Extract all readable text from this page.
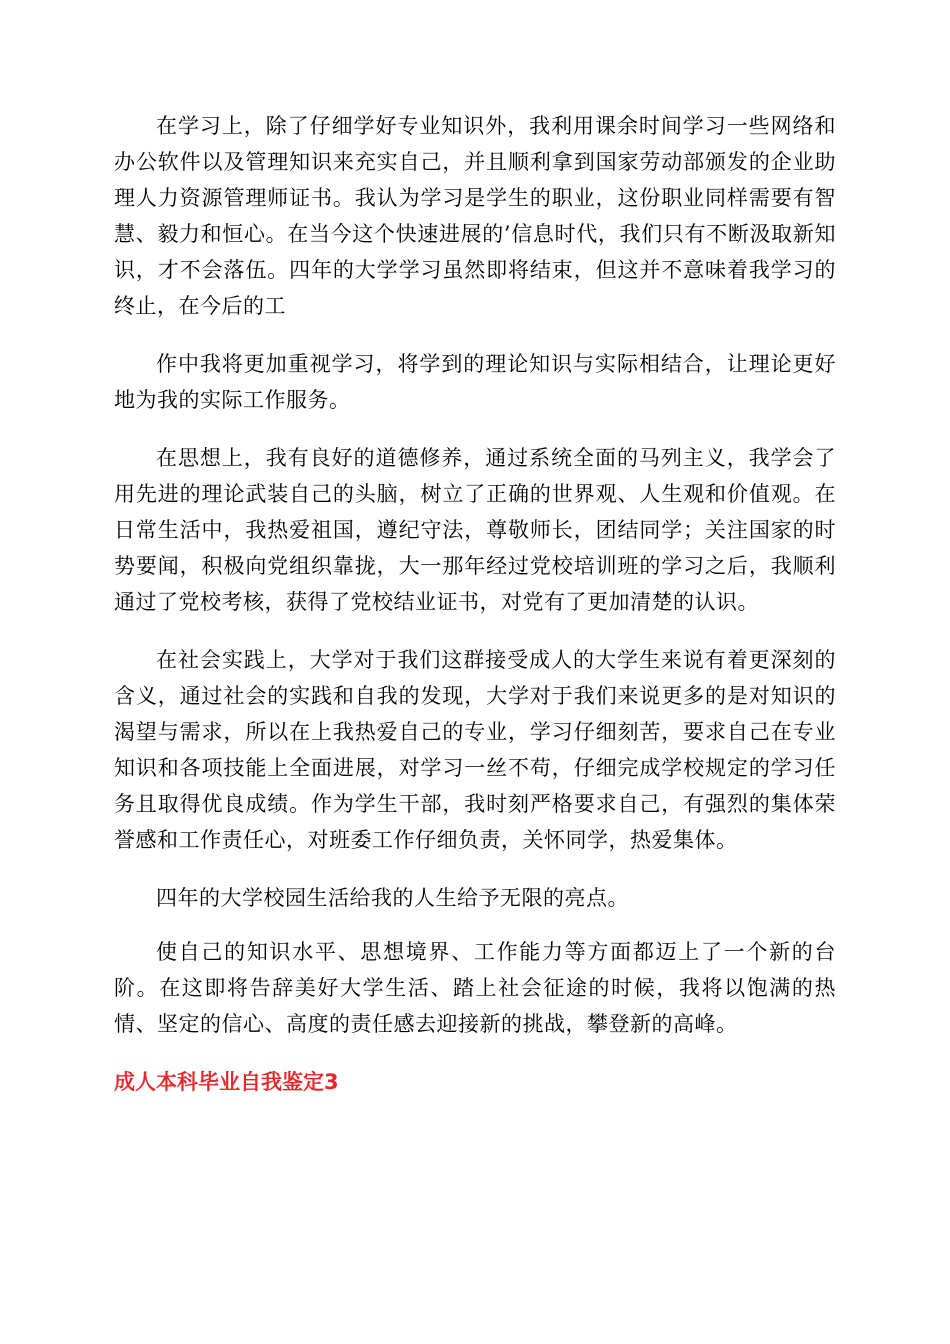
在学习上，除了仔细学好专业知识外，我利用课余时间学习一些网络和办公软件以及管理知识来充实自己，并且顺利拿到国家劳动部颁发的企业助理人力资源管理师证书。我认为学习是学生的职业，这份职业同样需要有智慧、毅力和恒心。在当今这个快速进展的’信息时代，我们只有不断汲取新知识，才不会落伍。四年的大学学习虽然即将结束，但这并不意味着我学习的终止，在今后的工

作中我将更加重视学习，将学到的理论知识与实际相结合，让理论更好地为我的实际工作服务。

在思想上，我有良好的道德修养，通过系统全面的马列主义，我学会了用先进的理论武装自己的头脑，树立了正确的世界观、人生观和价值观。在日常生活中，我热爱祖国，遵纪守法，尊敬师长，团结同学；关注国家的时势要闻，积极向党组织靠拢，大一那年经过党校培训班的学习之后，我顺利通过了党校考核，获得了党校结业证书，对党有了更加清楚的认识。

在社会实践上，大学对于我们这群接受成人的大学生来说有着更深刻的含义，通过社会的实践和自我的发现，大学对于我们来说更多的是对知识的渴望与需求，所以在上我热爱自己的专业，学习仔细刻苦，要求自己在专业知识和各项技能上全面进展，对学习一丝不苟，仔细完成学校规定的学习任务且取得优良成绩。作为学生干部，我时刻严格要求自己，有强烈的集体荣誉感和工作责任心，对班委工作仔细负责，关怀同学，热爱集体。

四年的大学校园生活给我的人生给予无限的亮点。

使自己的知识水平、思想境界、工作能力等方面都迈上了一个新的台阶。在这即将告辞美好大学生活、踏上社会征途的时候，我将以饱满的热情、坚定的信心、高度的责任感去迎接新的挑战，攀登新的高峰。

成人本科毕业自我鉴定3
